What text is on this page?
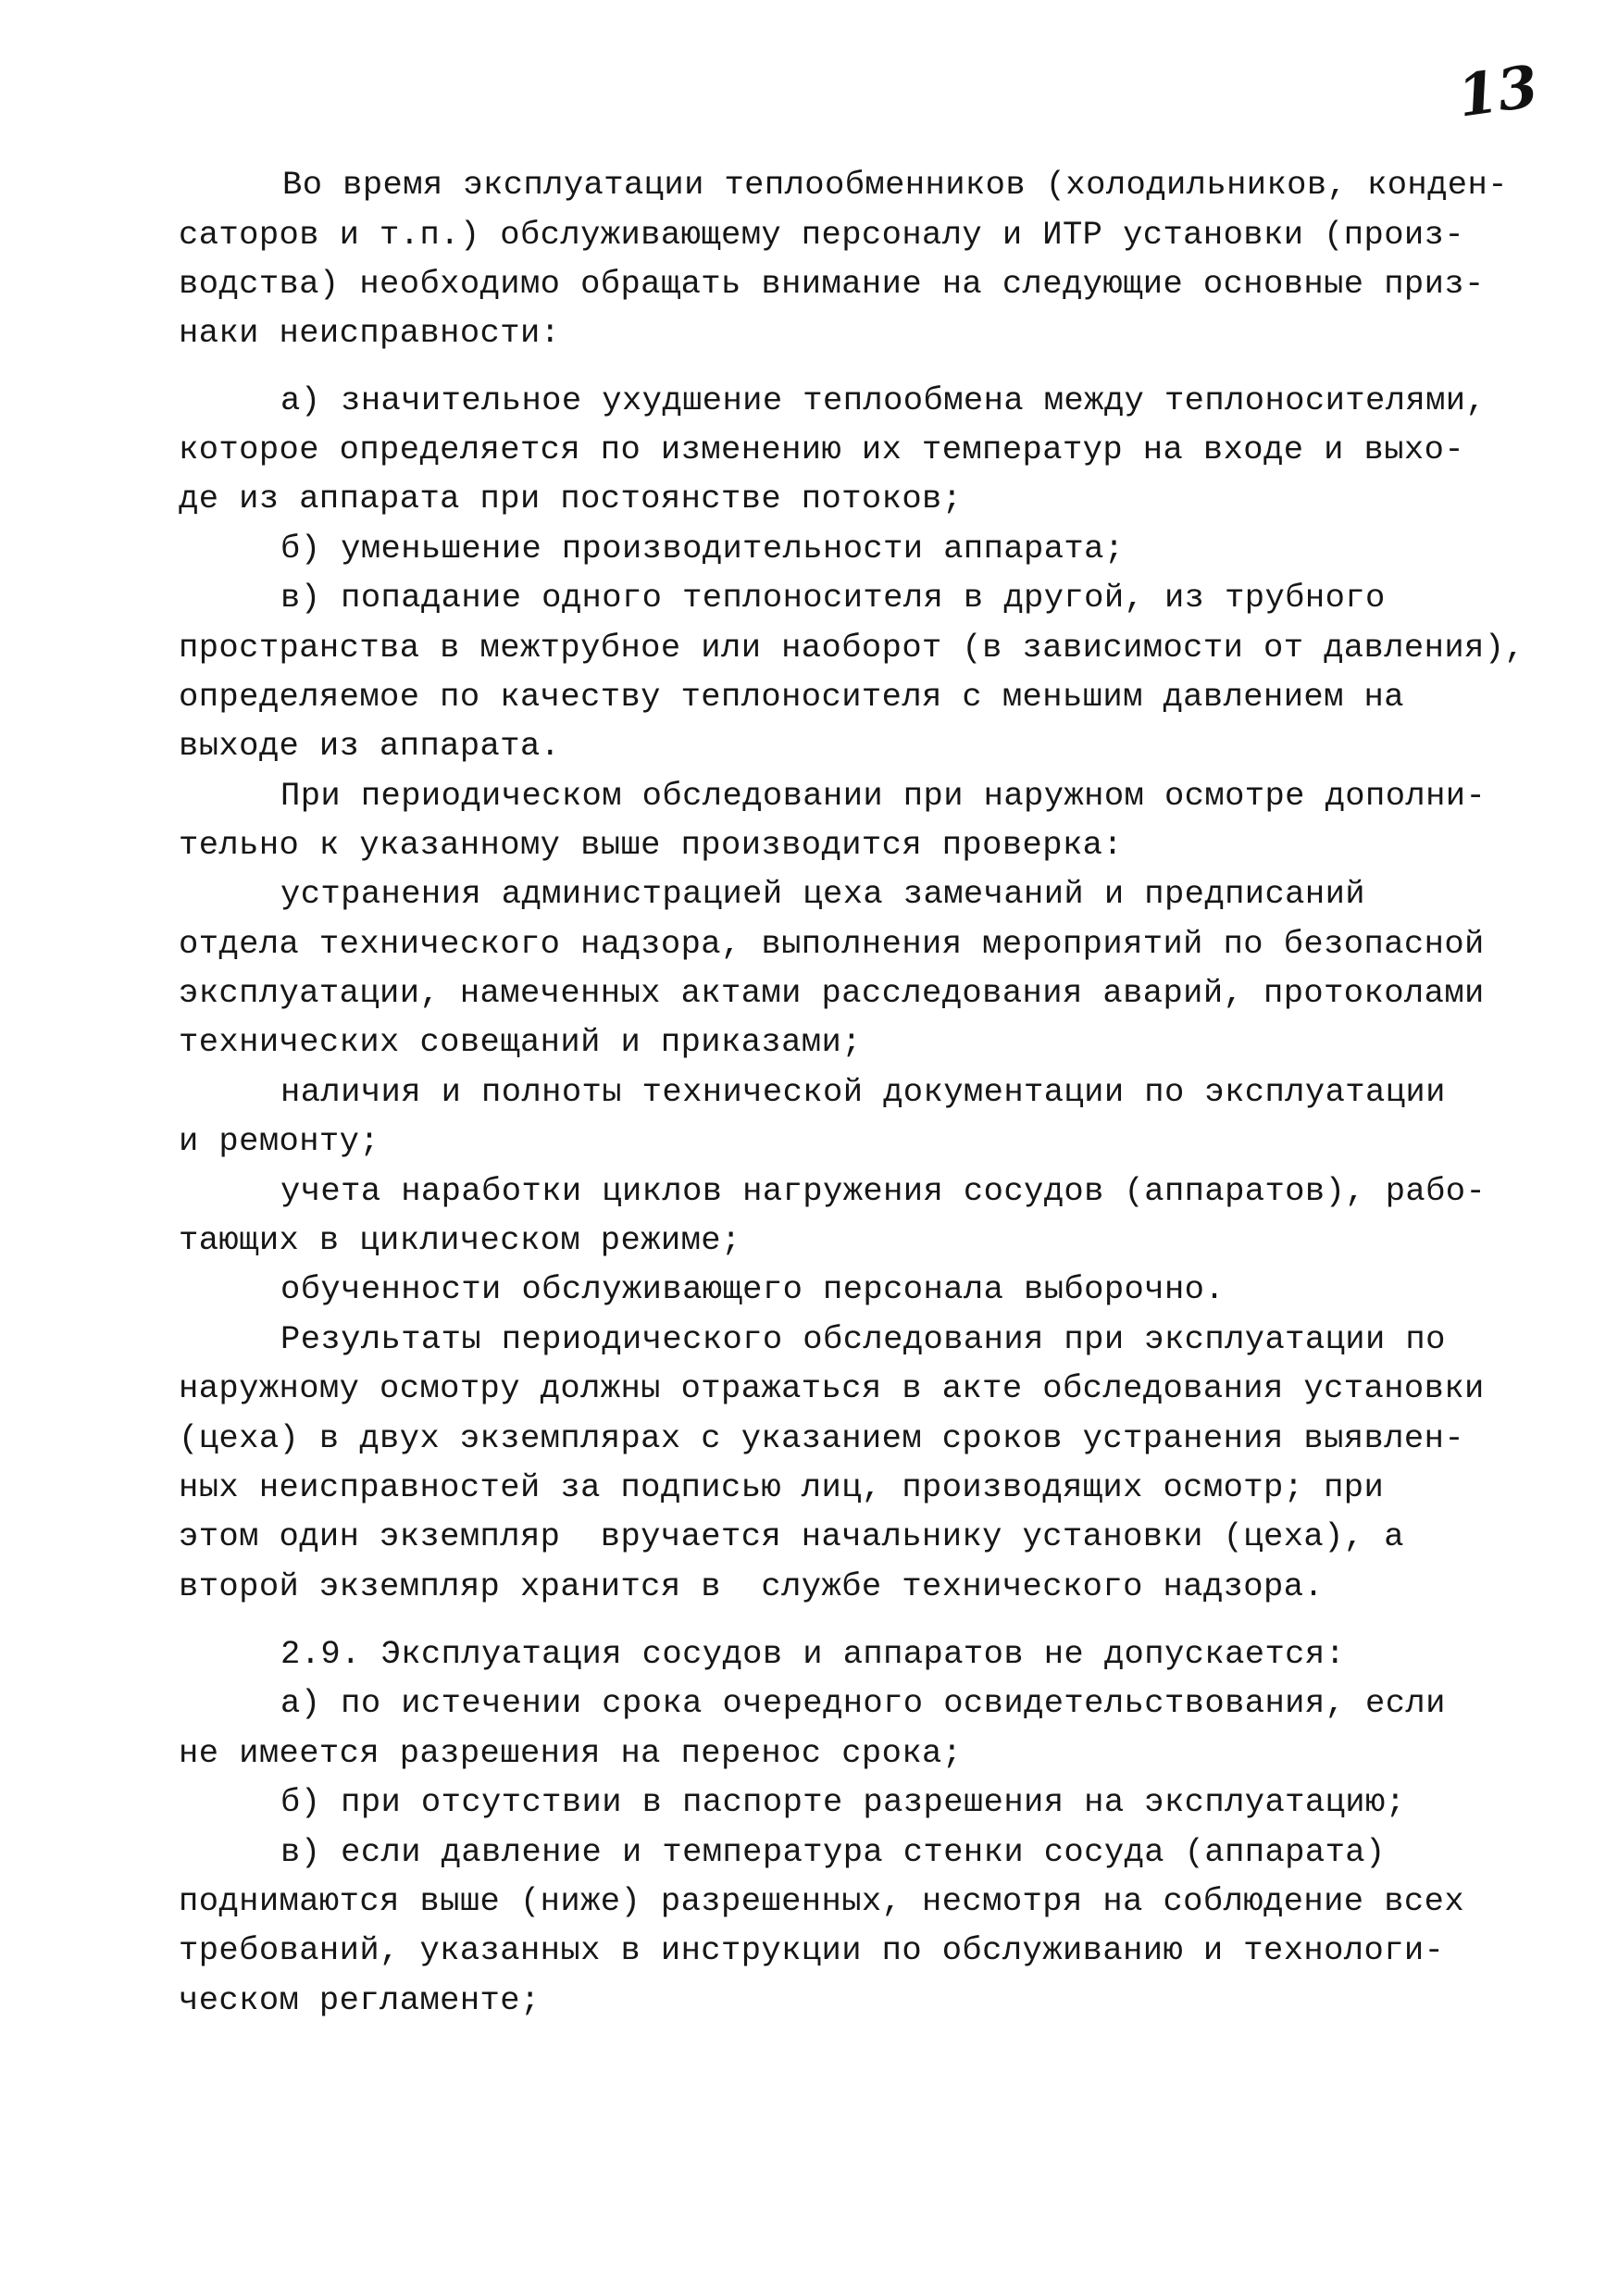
13
Во время эксплуатации теплообменников (холодильников, конден-
саторов и т.п.) обслуживающему персоналу и ИТР установки (произ-
водства) необходимо обращать внимание на следующие основные приз-
наки неисправности:
а) значительное ухудшение теплообмена между теплоносителями,
которое определяется по изменению их температур на входе и выхо-
де из аппарата при постоянстве потоков;
б) уменьшение производительности аппарата;
в) попадание одного теплоносителя в другой, из трубного
пространства в межтрубное или наоборот (в зависимости от давления),
определяемое по качеству теплоносителя с меньшим давлением на
выходе из аппарата.
При периодическом обследовании при наружном осмотре дополни-
тельно к указанному выше производится проверка:
устранения администрацией цеха замечаний и предписаний
отдела технического надзора, выполнения мероприятий по безопасной
эксплуатации, намеченных актами расследования аварий, протоколами
технических совещаний и приказами;
наличия и полноты технической документации по эксплуатации
и ремонту;
учета наработки циклов нагружения сосудов (аппаратов), рабо-
тающих в циклическом режиме;
обученности обслуживающего персонала выборочно.
Результаты периодического обследования при эксплуатации по
наружному осмотру должны отражаться в акте обследования установки
(цеха) в двух экземплярах с указанием сроков устранения выявлен-
ных неисправностей за подписью лиц, производящих осмотр; при
этом один экземпляр  вручается начальнику установки (цеха), а
второй экземпляр хранится в  службе технического надзора.
2.9. Эксплуатация сосудов и аппаратов не допускается:
а) по истечении срока очередного освидетельствования, если
не имеется разрешения на перенос срока;
б) при отсутствии в паспорте разрешения на эксплуатацию;
в) если давление и температура стенки сосуда (аппарата)
поднимаются выше (ниже) разрешенных, несмотря на соблюдение всех
требований, указанных в инструкции по обслуживанию и технологи-
ческом регламенте;
